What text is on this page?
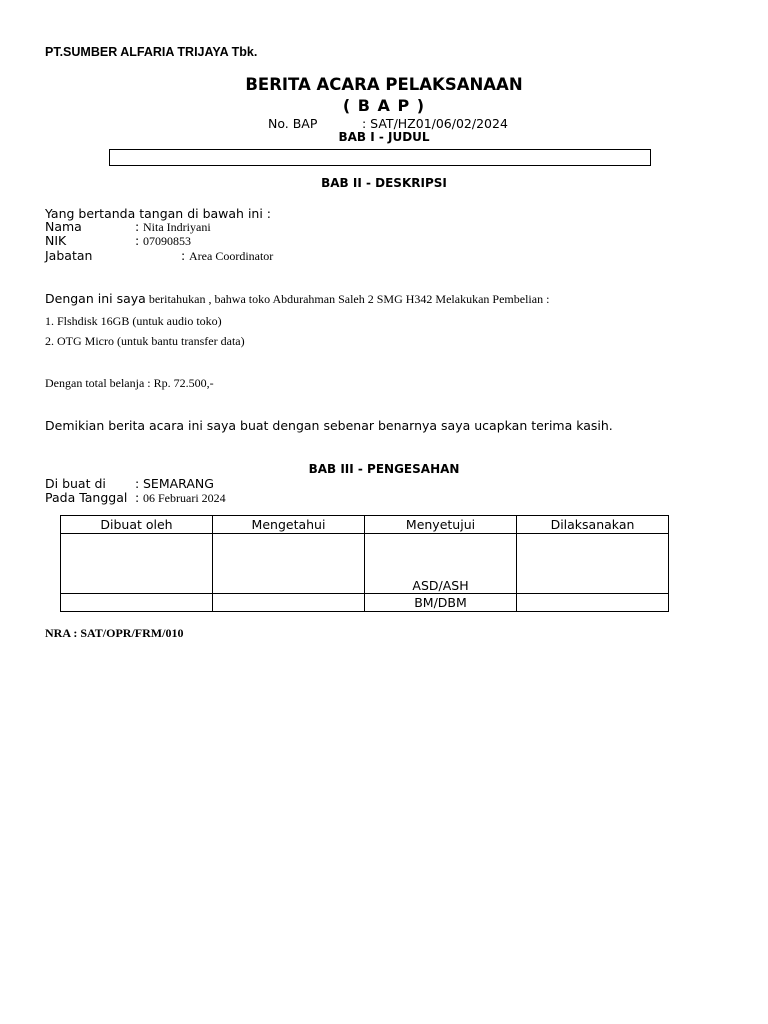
PT.SUMBER ALFARIA TRIJAYA Tbk.
BERITA ACARA PELAKSANAAN
( B A P )
No. BAP	: SAT/HZ01/06/02/2024
BAB I - JUDUL
BAB II - DESKRIPSI
Yang bertanda tangan di bawah ini :
Nama	: Nita Indriyani
NIK	: 07090853
Jabatan	: Area Coordinator
Dengan ini saya beritahukan , bahwa toko Abdurahman Saleh 2 SMG H342 Melakukan Pembelian :
1. Flshdisk 16GB (untuk audio toko)
2. OTG Micro (untuk bantu transfer data)
Dengan total belanja : Rp. 72.500,-
Demikian berita acara ini saya buat dengan sebenar benarnya saya ucapkan terima kasih.
BAB III - PENGESAHAN
Di buat di : SEMARANG
Pada Tanggal : 06 Februari 2024
Dibuat oleh	Mengetahui	Menyetujui	Dilaksanakan
		ASD/ASH	
		BM/DBM	
NRA : SAT/OPR/FRM/010
